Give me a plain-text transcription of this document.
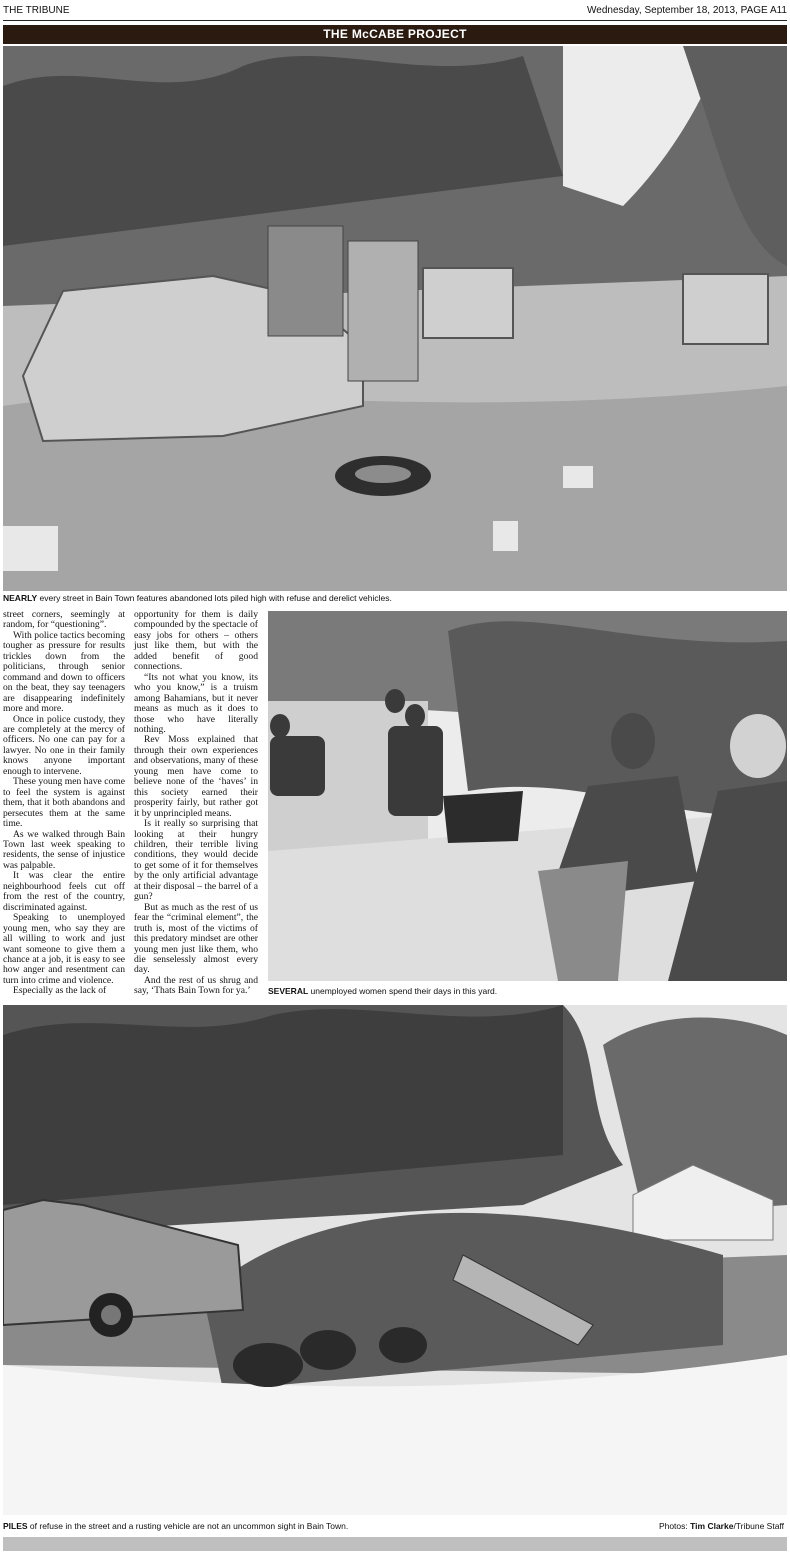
THE TRIBUNE	Wednesday, September 18, 2013, PAGE A11
THE McCABE PROJECT
NEARLY every street in Bain Town features abandoned lots piled high with refuse and derelict vehicles.

street corners, seemingly at random, for “questioning”.

With police tactics becoming tougher as pressure for results trickles down from the politicians, through senior command and down to officers on the beat, they say teenagers are disappearing indefinitely more and more.

Once in police custody, they are completely at the mercy of officers. No one can pay for a lawyer. No one in their family knows anyone important enough to intervene.

These young men have come to feel the system is against them, that it both abandons and persecutes them at the same time.

As we walked through Bain Town last week speaking to residents, the sense of injustice was palpable.

It was clear the entire neighbourhood feels cut off from the rest of the country, discriminated against.

Speaking to unemployed young men, who say they are all willing to work and just want someone to give them a chance at a job, it is easy to see how anger and resentment can turn into crime and violence.

Especially as the lack of

opportunity for them is daily compounded by the spectacle of easy jobs for others – others just like them, but with the added benefit of good connections.

“Its not what you know, its who you know,” is a truism among Bahamians, but it never means as much as it does to those who have literally nothing.

Rev Moss explained that through their own experiences and observations, many of these young men have come to believe none of the ‘haves’ in this society earned their prosperity fairly, but rather got it by unprincipled means.

Is it really so surprising that looking at their hungry children, their terrible living conditions, they would decide to get some of it for themselves by the only artificial advantage at their disposal – the barrel of a gun?

But as much as the rest of us fear the “criminal element”, the truth is, most of the victims of this predatory mindset are other young men just like them, who die senselessly almost every day.

And the rest of us shrug and say, ‘Thats Bain Town for ya.’	SEVERAL unemployed women spend their days in this yard.
PILES of refuse in the street and a rusting vehicle are not an uncommon sight in Bain Town.	Photos: Tim Clarke/Tribune Staff
